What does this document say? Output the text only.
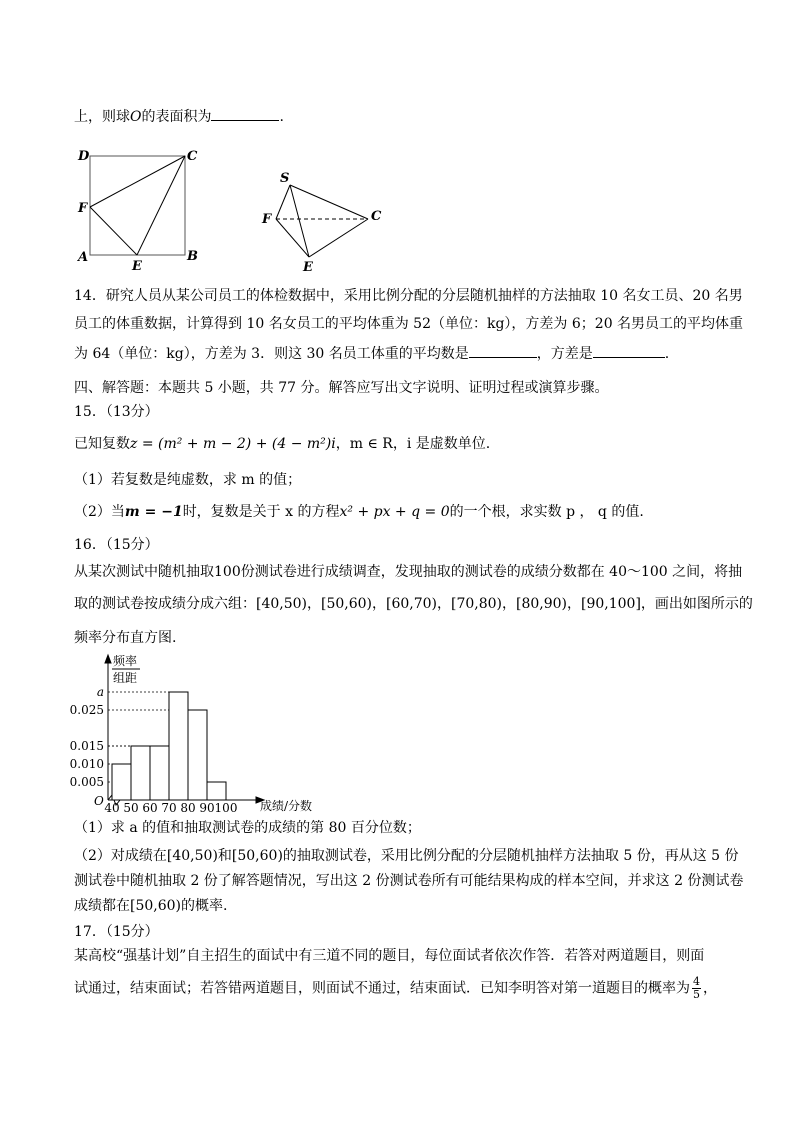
上，则球O的表面积为	.
D	C
F
A
E
B
S
F	C
E
14．研究人员从某公司员工的体检数据中，采用比例分配的分层随机抽样的方法抽取 10 名女工员、20 名男
员工的体重数据，计算得到 10 名女员工的平均体重为 52（单位：kg），方差为 6；20 名男员工的平均体重
为 64（单位：kg），方差为 3．则这 30 名员工体重的平均数是	，方差是	.
四、解答题：本题共 5 小题，共 77 分。解答应写出文字说明、证明过程或演算步骤。
15．（13分）
已知复数z = (m² + m − 2) + (4 − m²)i，m ∈ R，i 是虚数单位.
（1）若复数是纯虚数，求 m 的值；
（2）当m = −1时，复数是关于 x 的方程x² + px + q = 0的一个根，求实数 p ， q 的值.
16．（15分）
从某次测试中随机抽取100份测试卷进行成绩调查，发现抽取的测试卷的成绩分数都在 40～100 之间，将抽
取的测试卷按成绩分成六组：[40,50)，[50,60)，[60,70)，[70,80)，[80,90)，[90,100]，画出如图所示的
频率分布直方图.
频率
组距
成绩/分数
O
0.005
0.010
0.015
0.025
a
40 50 60 70 80 90 100
（1）求 a 的值和抽取测试卷的成绩的第 80 百分位数；
（2）对成绩在[40,50)和[50,60)的抽取测试卷，采用比例分配的分层随机抽样方法抽取 5 份，再从这 5 份
测试卷中随机抽取 2 份了解答题情况，写出这 2 份测试卷所有可能结果构成的样本空间，并求这 2 份测试卷
成绩都在[50,60)的概率.
17．（15分）
某高校“强基计划”自主招生的面试中有三道不同的题目，每位面试者依次作答．若答对两道题目，则面
试通过，结束面试；若答错两道题目，则面试不通过，结束面试．已知李明答对第一道题目的概率为 $\frac{4}{5}$ ，
